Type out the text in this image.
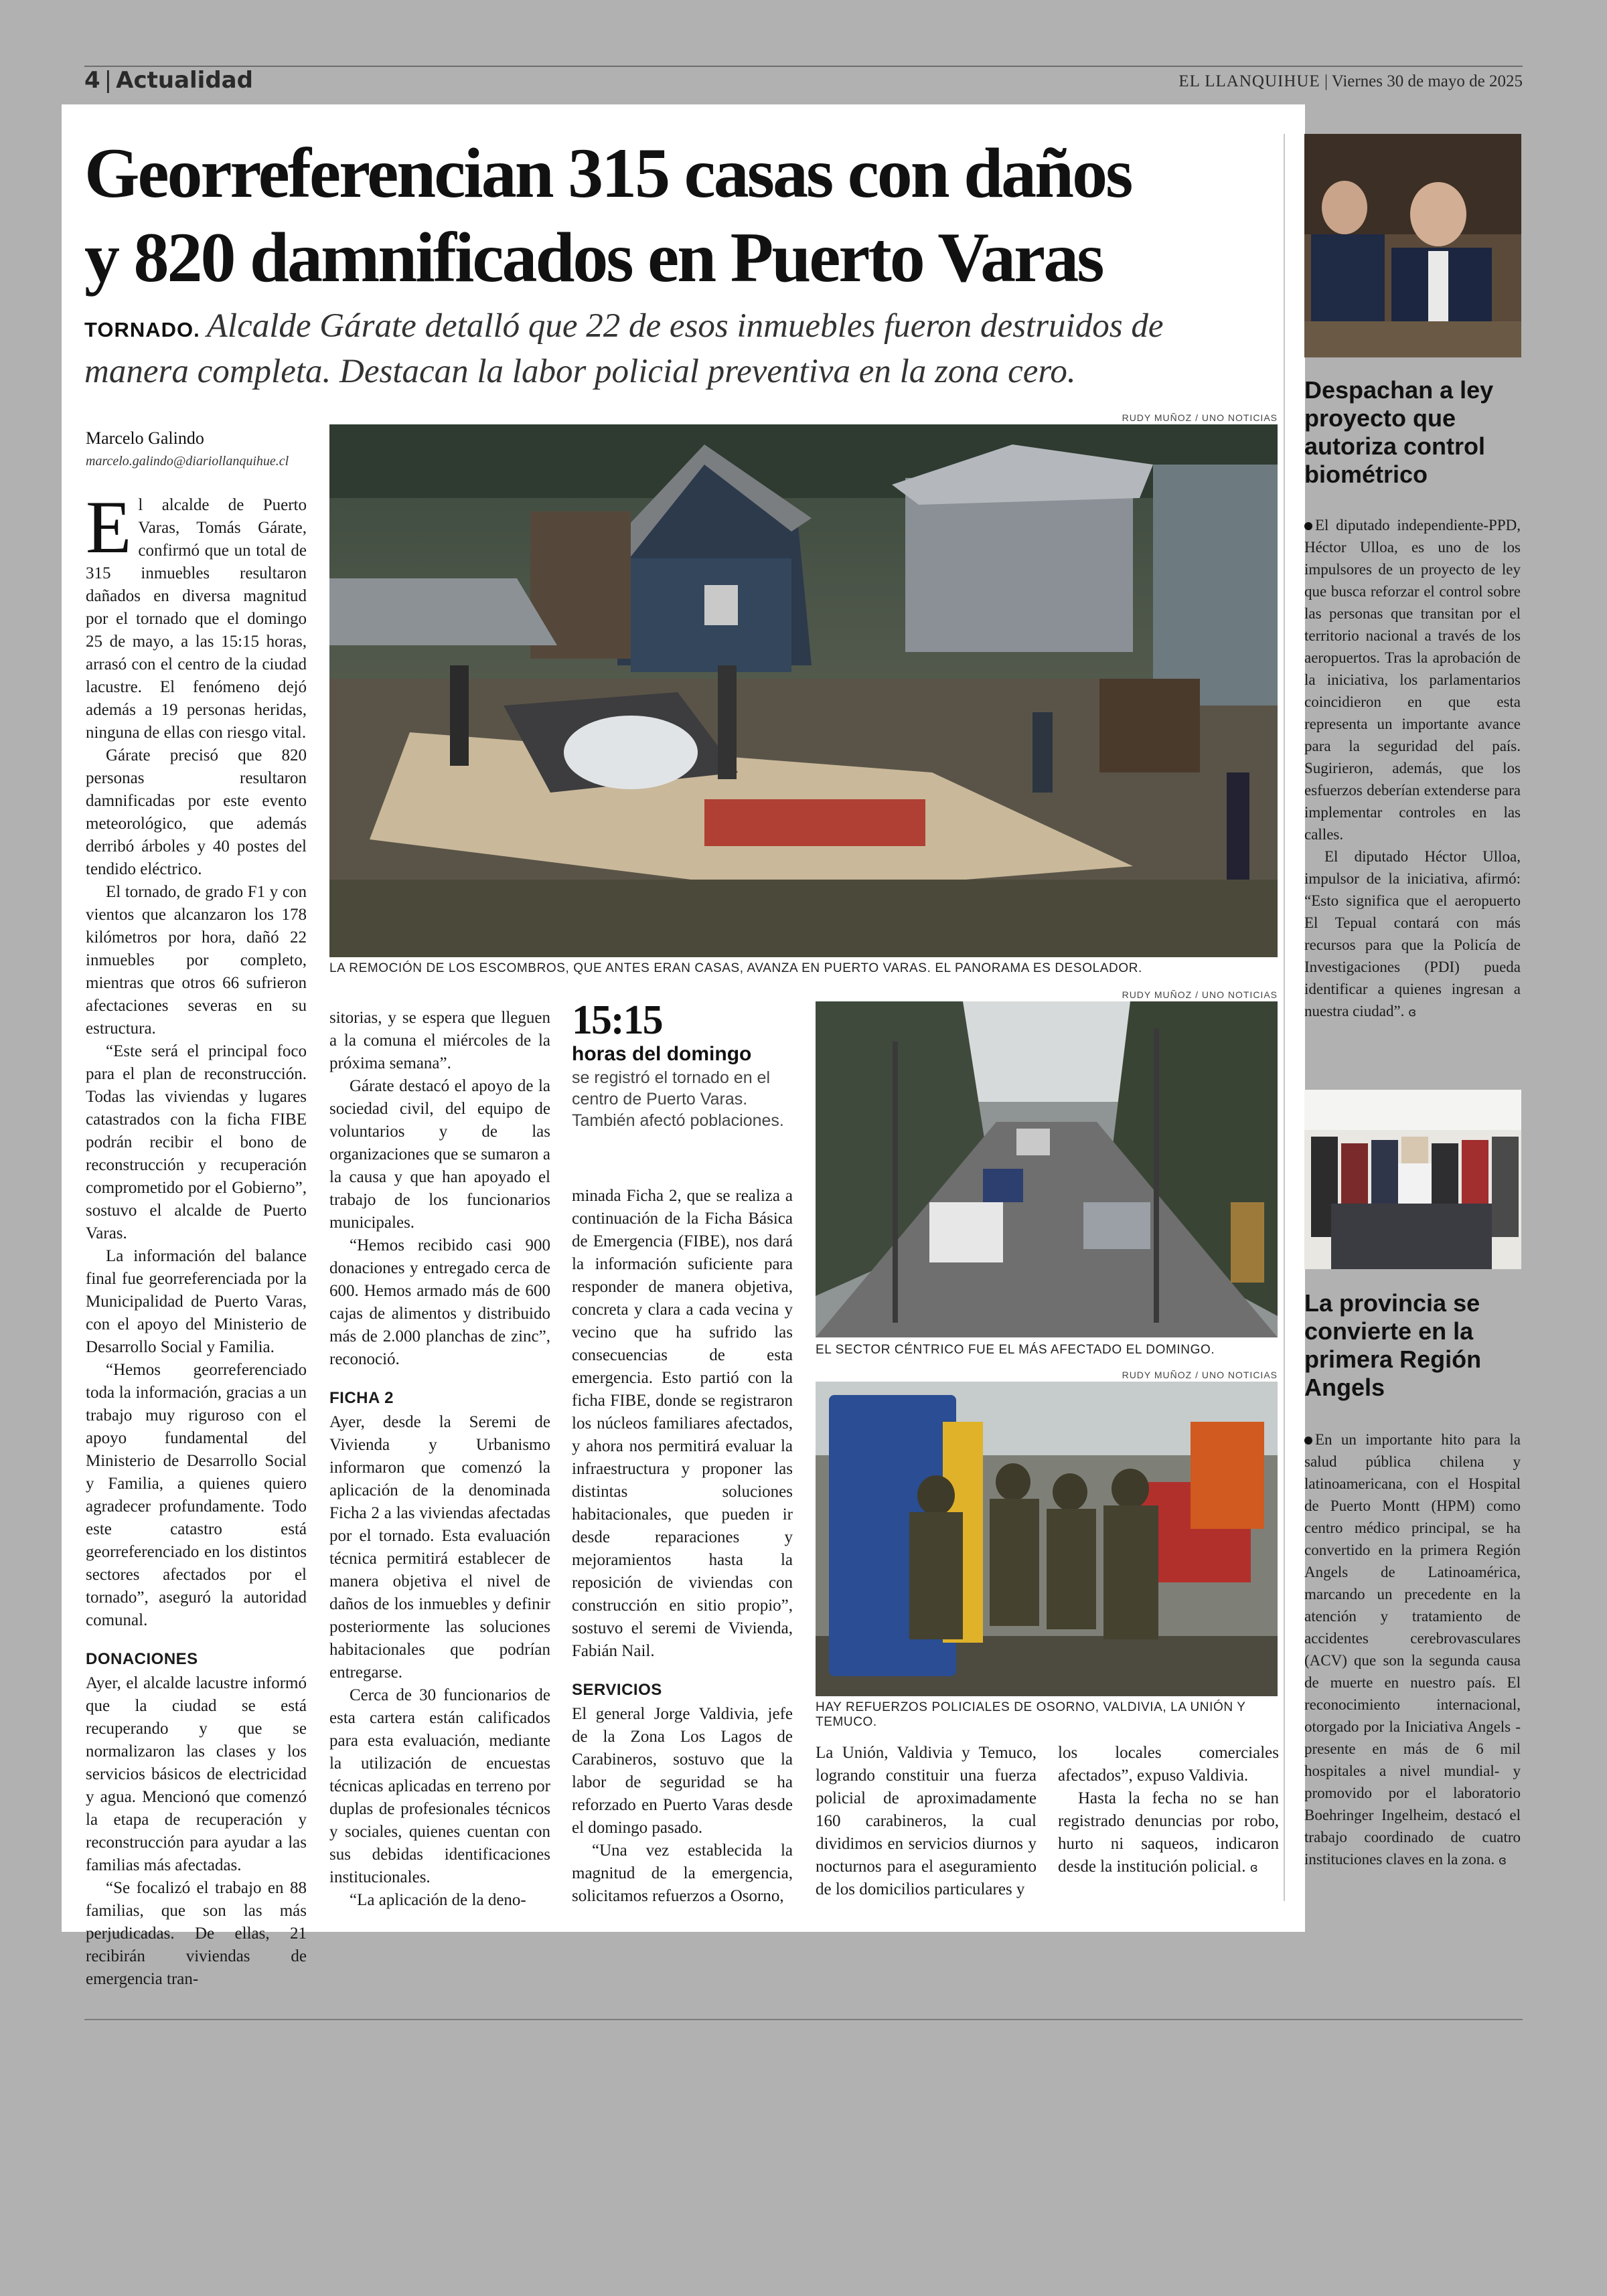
4 | Actualidad	EL LLANQUIHUE | Viernes 30 de mayo de 2025
Georreferencian 315 casas con daños
y 820 damnificados en Puerto Varas
TORNADO. Alcalde Gárate detalló que 22 de esos inmuebles fueron destruidos de manera completa. Destacan la labor policial preventiva en la zona cero.
Marcelo Galindo
marcelo.galindo@diariollanquihue.cl

El alcalde de Puerto Varas, Tomás Gárate, confirmó que un total de 315 inmuebles resultaron dañados en diversa magnitud por el tornado que el domingo 25 de mayo, a las 15:15 horas, arrasó con el centro de la ciudad lacustre. El fenómeno dejó además a 19 personas heridas, ninguna de ellas con riesgo vital.

Gárate precisó que 820 personas resultaron damnificadas por este evento meteorológico, que además derribó árboles y 40 postes del tendido eléctrico.

El tornado, de grado F1 y con vientos que alcanzaron los 178 kilómetros por hora, dañó 22 inmuebles por completo, mientras que otros 66 sufrieron afectaciones severas en su estructura.

“Este será el principal foco para el plan de reconstrucción. Todas las viviendas y lugares catastrados con la ficha FIBE podrán recibir el bono de reconstrucción y recuperación comprometido por el Gobierno”, sostuvo el alcalde de Puerto Varas.

La información del balance final fue georreferenciada por la Municipalidad de Puerto Varas, con el apoyo del Ministerio de Desarrollo Social y Familia.

“Hemos georreferenciado toda la información, gracias a un trabajo muy riguroso con el apoyo fundamental del Ministerio de Desarrollo Social y Familia, a quienes quiero agradecer profundamente. Todo este catastro está georreferenciado en los distintos sectores afectados por el tornado”, aseguró la autoridad comunal.

DONACIONES

Ayer, el alcalde lacustre informó que la ciudad se está recuperando y que se normalizaron las clases y los servicios básicos de electricidad y agua. Mencionó que comenzó la etapa de recuperación y reconstrucción para ayudar a las familias más afectadas.

“Se focalizó el trabajo en 88 familias, que son las más perjudicadas. De ellas, 21 recibirán viviendas de emergencia tran-

RUDY MUÑOZ / UNO NOTICIAS
LA REMOCIÓN DE LOS ESCOMBROS, QUE ANTES ERAN CASAS, AVANZA EN PUERTO VARAS. EL PANORAMA ES DESOLADOR.

sitorias, y se espera que lleguen a la comuna el miércoles de la próxima semana”.

Gárate destacó el apoyo de la sociedad civil, del equipo de voluntarios y de las organizaciones que se sumaron a la causa y que han apoyado el trabajo de los funcionarios municipales.

“Hemos recibido casi 900 donaciones y entregado cerca de 600. Hemos armado más de 600 cajas de alimentos y distribuido más de 2.000 planchas de zinc”, reconoció.

FICHA 2

Ayer, desde la Seremi de Vivienda y Urbanismo informaron que comenzó la aplicación de la denominada Ficha 2 a las viviendas afectadas por el tornado. Esta evaluación técnica permitirá establecer de manera objetiva el nivel de daños de los inmuebles y definir posteriormente las soluciones habitacionales que podrían entregarse.

Cerca de 30 funcionarios de esta cartera están calificados para esta evaluación, mediante la utilización de encuestas técnicas aplicadas en terreno por duplas de profesionales técnicos y sociales, quienes cuentan con sus debidas identificaciones institucionales.

“La aplicación de la deno-

15:15
horas del domingo
se registró el tornado en el centro de Puerto Varas. También afectó poblaciones.

minada Ficha 2, que se realiza a continuación de la Ficha Básica de Emergencia (FIBE), nos dará la información suficiente para responder de manera objetiva, concreta y clara a cada vecina y vecino que ha sufrido las consecuencias de esta emergencia. Esto partió con la ficha FIBE, donde se registraron los núcleos familiares afectados, y ahora nos permitirá evaluar la infraestructura y proponer las distintas soluciones habitacionales, que pueden ir desde reparaciones y mejoramientos hasta la reposición de viviendas con construcción en sitio propio”, sostuvo el seremi de Vivienda, Fabián Nail.

SERVICIOS

El general Jorge Valdivia, jefe de la Zona Los Lagos de Carabineros, sostuvo que la labor de seguridad se ha reforzado en Puerto Varas desde el domingo pasado.

“Una vez establecida la magnitud de la emergencia, solicitamos refuerzos a Osorno,

RUDY MUÑOZ / UNO NOTICIAS
EL SECTOR CÉNTRICO FUE EL MÁS AFECTADO EL DOMINGO.
RUDY MUÑOZ / UNO NOTICIAS
HAY REFUERZOS POLICIALES DE OSORNO, VALDIVIA, LA UNIÓN Y TEMUCO.

La Unión, Valdivia y Temuco, logrando constituir una fuerza policial de aproximadamente 160 carabineros, la cual dividimos en servicios diurnos y nocturnos para el aseguramiento de los domicilios particulares y

los locales comerciales afectados”, expuso Valdivia.

Hasta la fecha no se han registrado denuncias por robo, hurto ni saqueos, indicaron desde la institución policial. ɞ

Despachan a ley proyecto que autoriza control biométrico

El diputado independiente-PPD, Héctor Ulloa, es uno de los impulsores de un proyecto de ley que busca reforzar el control sobre las personas que transitan por el territorio nacional a través de los aeropuertos. Tras la aprobación de la iniciativa, los parlamentarios coincidieron en que esta representa un importante avance para la seguridad del país. Sugirieron, además, que los esfuerzos deberían extenderse para implementar controles en las calles.

El diputado Héctor Ulloa, impulsor de la iniciativa, afirmó: “Esto significa que el aeropuerto El Tepual contará con más recursos para que la Policía de Investigaciones (PDI) pueda identificar a quienes ingresan a nuestra ciudad”. ɞ

La provincia se convierte en la primera Región Angels

En un importante hito para la salud pública chilena y latinoamericana, con el Hospital de Puerto Montt (HPM) como centro médico principal, se ha convertido en la primera Región Angels de Latinoamérica, marcando un precedente en la atención y tratamiento de accidentes cerebrovasculares (ACV) que son la segunda causa de muerte en nuestro país. El reconocimiento internacional, otorgado por la Iniciativa Angels -presente en más de 6 mil hospitales a nivel mundial- y promovido por el laboratorio Boehringer Ingelheim, destacó el trabajo coordinado de cuatro instituciones claves en la zona. ɞ
